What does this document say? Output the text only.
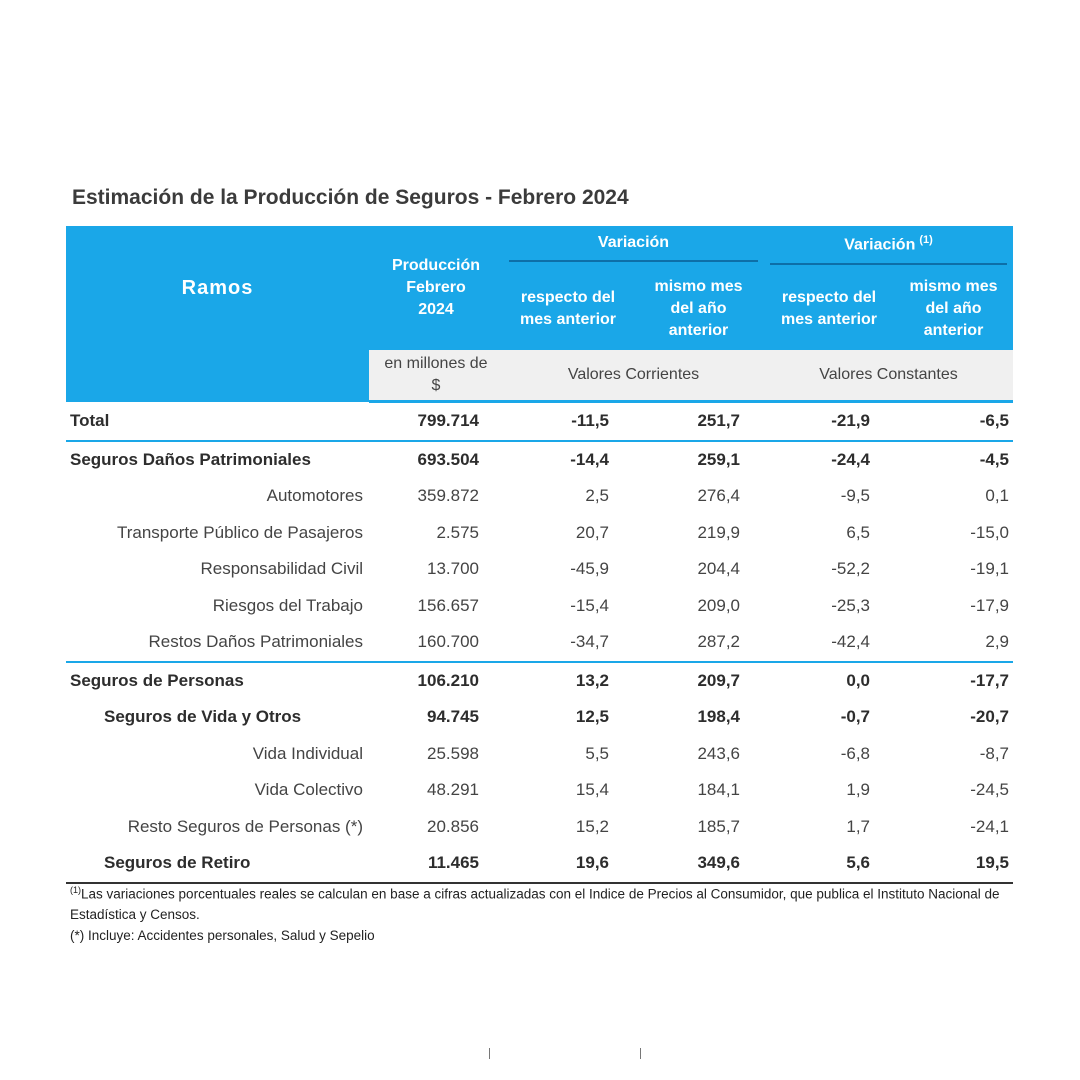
Estimación de la Producción de Seguros - Febrero 2024
Ramos	Producción Febrero 2024	Variación		Variación $^{(1)}$

		respecto del mes anterior	mismo mes del año anterior	respecto del mes anterior	mismo mes del año anterior
	en millones de $	Valores Corrientes		Valores Constantes	
Total	799.714	-11,5	251,7	-21,9	-6,5
Seguros Daños Patrimoniales	693.504	-14,4	259,1	-24,4	-4,5
Automotores	359.872	2,5	276,4	-9,5	0,1
Transporte Público de Pasajeros	2.575	20,7	219,9	6,5	-15,0
Responsabilidad Civil	13.700	-45,9	204,4	-52,2	-19,1
Riesgos del Trabajo	156.657	-15,4	209,0	-25,3	-17,9
Restos Daños Patrimoniales	160.700	-34,7	287,2	-42,4	2,9
Seguros de Personas	106.210	13,2	209,7	0,0	-17,7
Seguros de Vida y Otros	94.745	12,5	198,4	-0,7	-20,7
Vida Individual	25.598	5,5	243,6	-6,8	-8,7
Vida Colectivo	48.291	15,4	184,1	1,9	-24,5
Resto Seguros de Personas (*)	20.856	15,2	185,7	1,7	-24,1
Seguros de Retiro	11.465	19,6	349,6	5,6	19,5
$^{(1)}$Las variaciones porcentuales reales se calculan en base a cifras actualizadas con el Indice de Precios al Consumidor, que publica el Instituto Nacional de Estadística y Censos.
(*) Incluye: Accidentes personales, Salud y Sepelio
